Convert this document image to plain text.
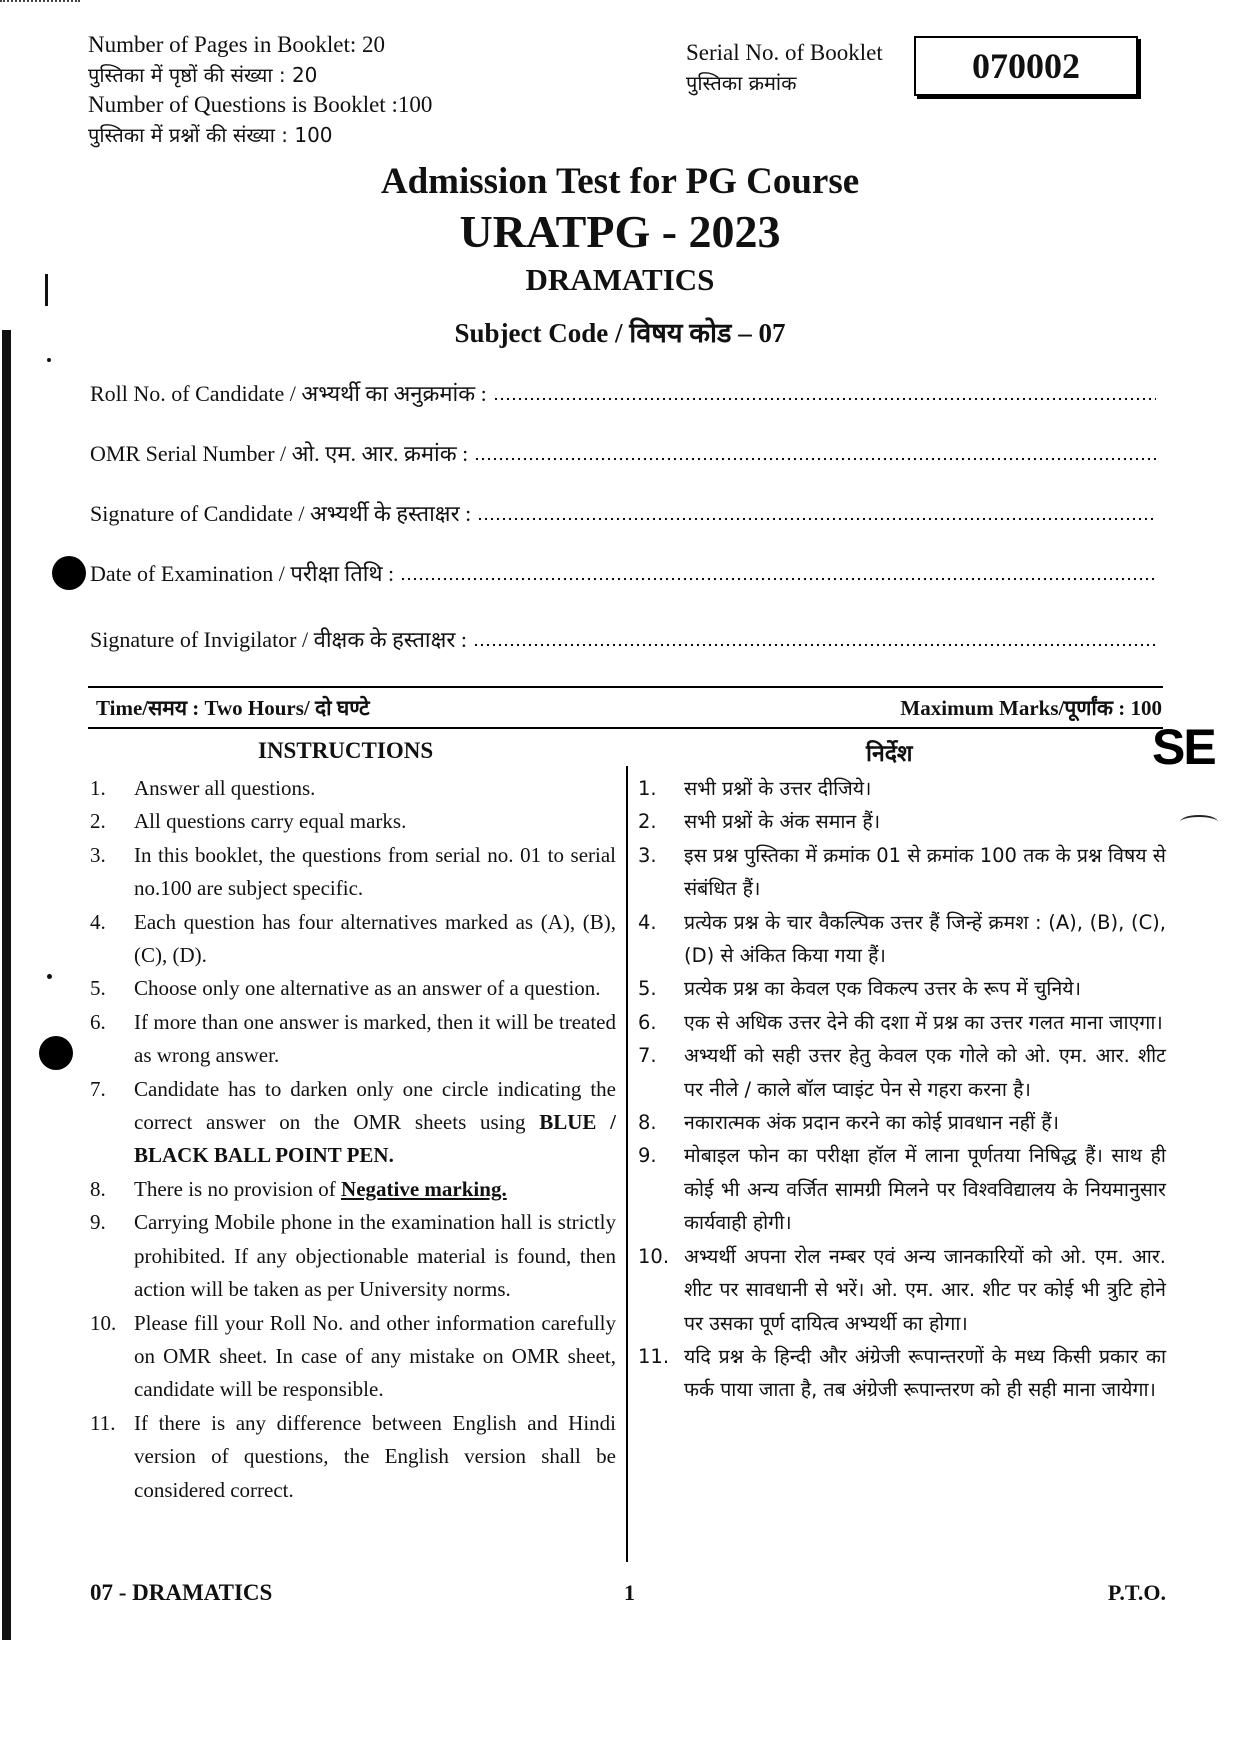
SE
Number of Pages in Booklet: 20
पुस्तिका में पृष्ठों की संख्या : 20
Number of Questions is Booklet :100
पुस्तिका में प्रश्नों की संख्या : 100
Serial No. of Booklet
पुस्तिका क्रमांक	070002
Admission Test for PG Course
URATPG - 2023
DRAMATICS
Subject Code / विषय कोड – 07
Roll No. of Candidate / अभ्यर्थी का अनुक्रमांक :
OMR Serial Number / ओ. एम. आर. क्रमांक :
Signature of Candidate / अभ्यर्थी के हस्ताक्षर :
Date of Examination / परीक्षा तिथि :
Signature of Invigilator / वीक्षक के हस्ताक्षर :
Time/समय : Two Hours/ दो घण्टे	Maximum Marks/पूर्णांक : 100
INSTRUCTIONS	निर्देश
1. Answer all questions.
2. All questions carry equal marks.
3. In this booklet, the questions from serial no. 01 to serial no.100 are subject specific.
4. Each question has four alternatives marked as (A), (B), (C), (D).
5. Choose only one alternative as an answer of a question.
6. If more than one answer is marked, then it will be treated as wrong answer.
7. Candidate has to darken only one circle indicating the correct answer on the OMR sheets using BLUE / BLACK BALL POINT PEN.
8. There is no provision of Negative marking.
9. Carrying Mobile phone in the examination hall is strictly prohibited. If any objectionable material is found, then action will be taken as per University norms.
10. Please fill your Roll No. and other information carefully on OMR sheet. In case of any mistake on OMR sheet, candidate will be responsible.
11. If there is any difference between English and Hindi version of questions, the English version shall be considered correct.
1. सभी प्रश्नों के उत्तर दीजिये।
2. सभी प्रश्नों के अंक समान हैं।
3. इस प्रश्न पुस्तिका में क्रमांक 01 से क्रमांक 100 तक के प्रश्न विषय से संबंधित हैं।
4. प्रत्येक प्रश्न के चार वैकल्पिक उत्तर हैं जिन्हें क्रमश : (A), (B), (C), (D) से अंकित किया गया हैं।
5. प्रत्येक प्रश्न का केवल एक विकल्प उत्तर के रूप में चुनिये।
6. एक से अधिक उत्तर देने की दशा में प्रश्न का उत्तर गलत माना जाएगा।
7. अभ्यर्थी को सही उत्तर हेतु केवल एक गोले को ओ. एम. आर. शीट पर नीले / काले बॉल प्वाइंट पेन से गहरा करना है।
8. नकारात्मक अंक प्रदान करने का कोई प्रावधान नहीं हैं।
9. मोबाइल फोन का परीक्षा हॉल में लाना पूर्णतया निषिद्ध हैं। साथ ही कोई भी अन्य वर्जित सामग्री मिलने पर विश्वविद्यालय के नियमानुसार कार्यवाही होगी।
10. अभ्यर्थी अपना रोल नम्बर एवं अन्य जानकारियों को ओ. एम. आर. शीट पर सावधानी से भरें। ओ. एम. आर. शीट पर कोई भी त्रुटि होने पर उसका पूर्ण दायित्व अभ्यर्थी का होगा।
11. यदि प्रश्न के हिन्दी और अंग्रेजी रूपान्तरणों के मध्य किसी प्रकार का फर्क पाया जाता है, तब अंग्रेजी रूपान्तरण को ही सही माना जायेगा।
07 - DRAMATICS	1	P.T.O.
